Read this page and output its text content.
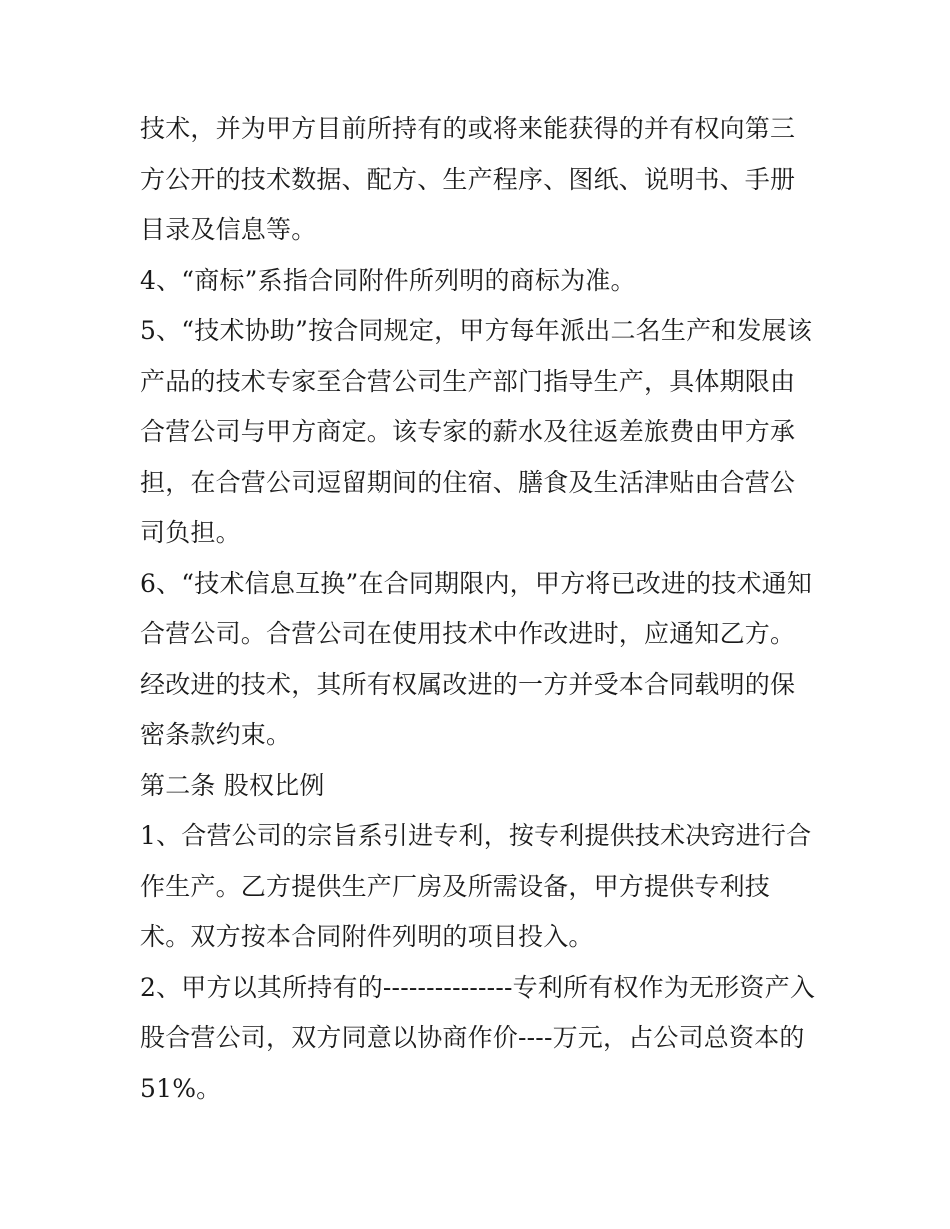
技术，并为甲方目前所持有的或将来能获得的并有权向第三方公开的技术数据、配方、生产程序、图纸、说明书、手册目录及信息等。

4、“商标”系指合同附件所列明的商标为准。

5、“技术协助”按合同规定，甲方每年派出二名生产和发展该产品的技术专家至合营公司生产部门指导生产，具体期限由合营公司与甲方商定。该专家的薪水及往返差旅费由甲方承担，在合营公司逗留期间的住宿、膳食及生活津贴由合营公司负担。

6、“技术信息互换”在合同期限内，甲方将已改进的技术通知合营公司。合营公司在使用技术中作改进时，应通知乙方。经改进的技术，其所有权属改进的一方并受本合同载明的保密条款约束。

第二条 股权比例

1、合营公司的宗旨系引进专利，按专利提供技术决窍进行合作生产。乙方提供生产厂房及所需设备，甲方提供专利技术。双方按本合同附件列明的项目投入。

2、甲方以其所持有的---------------专利所有权作为无形资产入股合营公司，双方同意以协商作价----万元，占公司总资本的51%。
